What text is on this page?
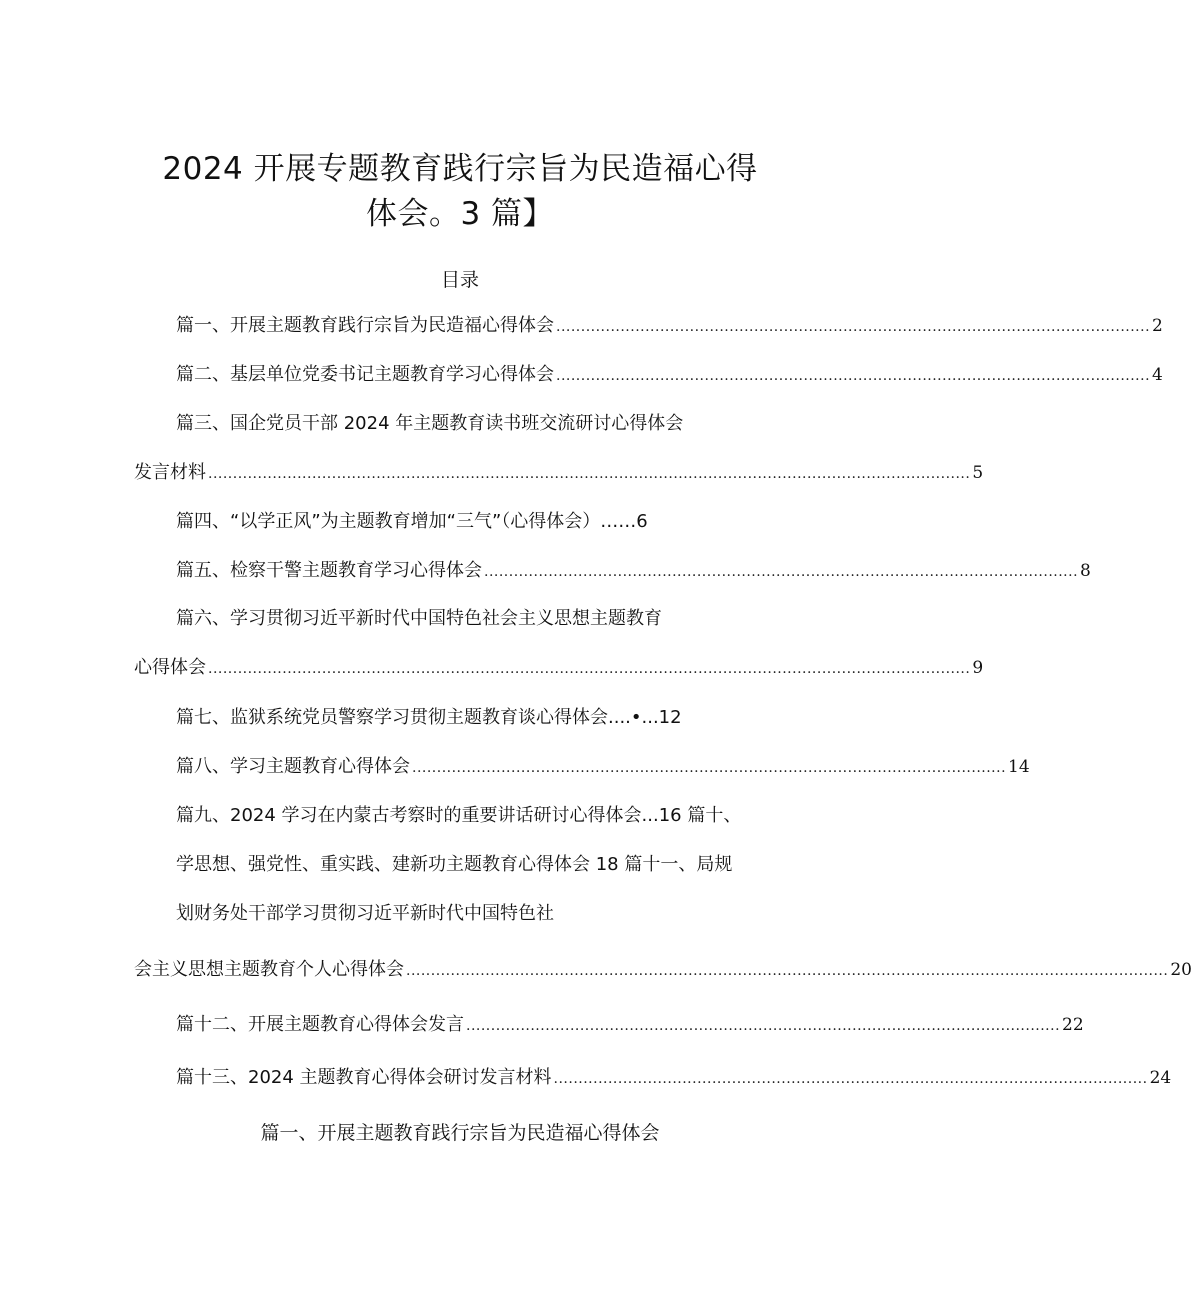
2024 开展专题教育践行宗旨为民造福心得
体会。3 篇】
目录
篇一、开展主题教育践行宗旨为民造福心得体会 ........................................................................................................................ 2
篇二、基层单位党委书记主题教育学习心得体会 ........................................................................................................................ 4
篇三、国企党员干部 2024 年主题教育读书班交流研讨心得体会
发言材料 .......................................................................................................................................................... 5
篇四、“以学正风”为主题教育增加“三气”（心得体会）……6
篇五、检察干警主题教育学习心得体会 ........................................................................................................................ 8
篇六、学习贯彻习近平新时代中国特色社会主义思想主题教育
心得体会 .......................................................................................................................................................... 9
篇七、监狱系统党员警察学习贯彻主题教育谈心得体会....•...12
篇八、学习主题教育心得体会 ........................................................................................................................ 14
篇九、2024 学习在内蒙古考察时的重要讲话研讨心得体会...16 篇十、
学思想、强党性、重实践、建新功主题教育心得体会 18 篇十一、局规
划财务处干部学习贯彻习近平新时代中国特色社
会主义思想主题教育个人心得体会 .......................................................................................................................................................... 20
篇十二、开展主题教育心得体会发言 ........................................................................................................................ 22
篇十三、2024 主题教育心得体会研讨发言材料 ........................................................................................................................ 24
篇一、开展主题教育践行宗旨为民造福心得体会
